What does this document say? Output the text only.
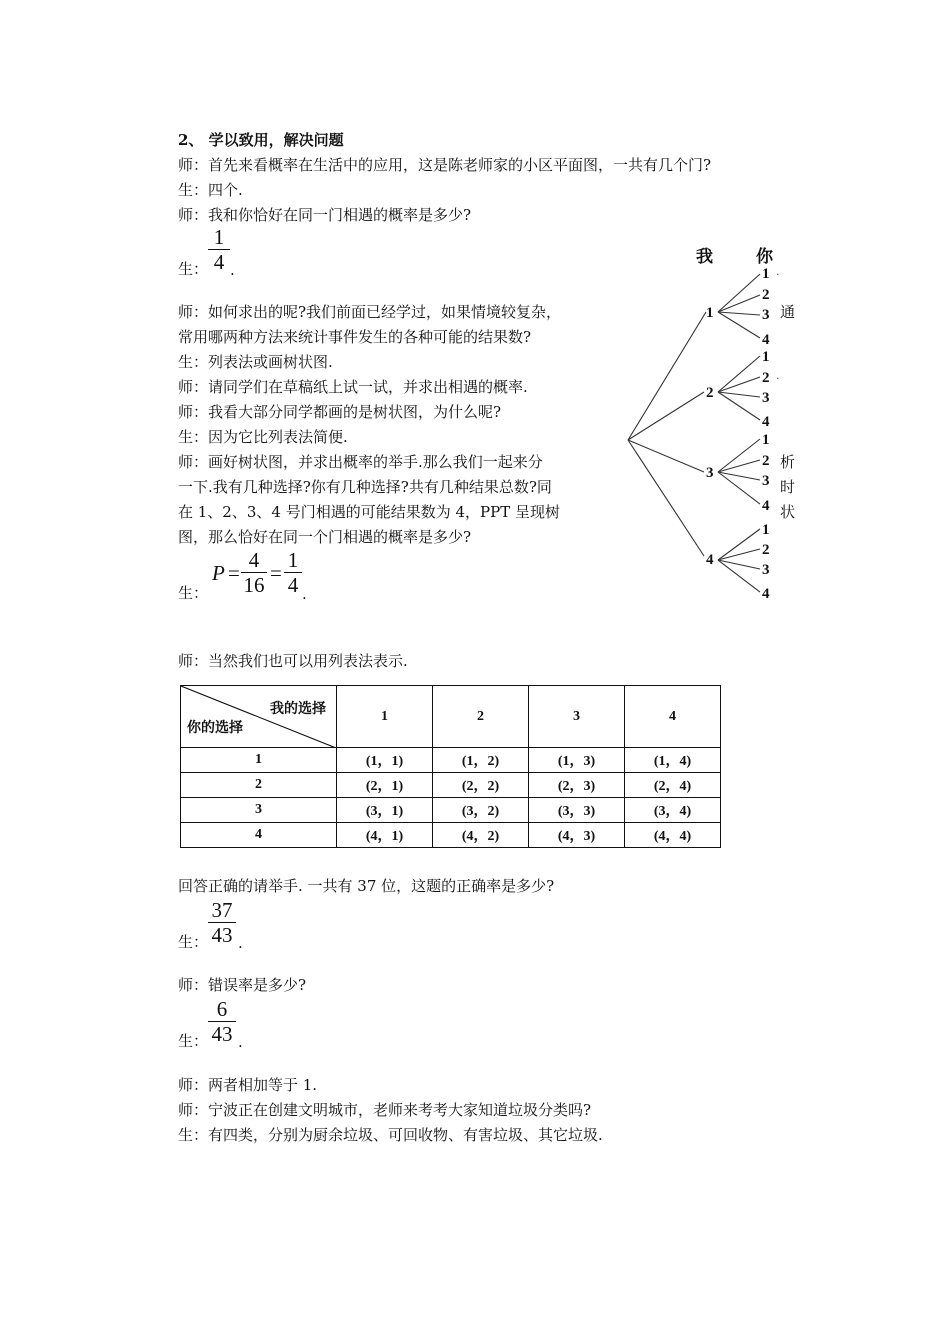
2、 学以致用，解决问题
师：首先来看概率在生活中的应用，这是陈老师家的小区平面图，一共有几个门?
生：四个.
师：我和你恰好在同一门相遇的概率是多少?
生：
1
4 .
师：如何求出的呢?我们前面已经学过，如果情境较复杂，
常用哪两种方法来统计事件发生的各种可能的结果数?
生：列表法或画树状图.
师：请同学们在草稿纸上试一试，并求出相遇的概率.
师：我看大部分同学都画的是树状图，为什么呢?
生：因为它比列表法简便.
师：画好树状图，并求出概率的举手.那么我们一起来分
一下.我有几种选择?你有几种选择?共有几种结果总数?同
在 1、2、3、4 号门相遇的可能结果数为 4，PPT 呈现树
图，那么恰好在同一个门相遇的概率是多少?
生：
P =
4
16 =
1
4 .
我	你
1
2
3
4
1
2
3
4
1
2
3
4
1
2
3
4
1
2
3
4
·
·
通
析
时
状
师：当然我们也可以用列表法表示.
我的选择
你的选择	1	2	3	4
1	(1，1)	(1，2)	(1，3)	(1，4)
2	(2，1)	(2，2)	(2，3)	(2，4)
3	(3，1)	(3，2)	(3，3)	(3，4)
4	(4，1)	(4，2)	(4，3)	(4，4)
回答正确的请举手. 一共有 37 位，这题的正确率是多少?
生：
37
43 .
师：错误率是多少?
生：
6
43 .
师：两者相加等于 1.
师：宁波正在创建文明城市，老师来考考大家知道垃圾分类吗?
生：有四类，分别为厨余垃圾、可回收物、有害垃圾、其它垃圾.
